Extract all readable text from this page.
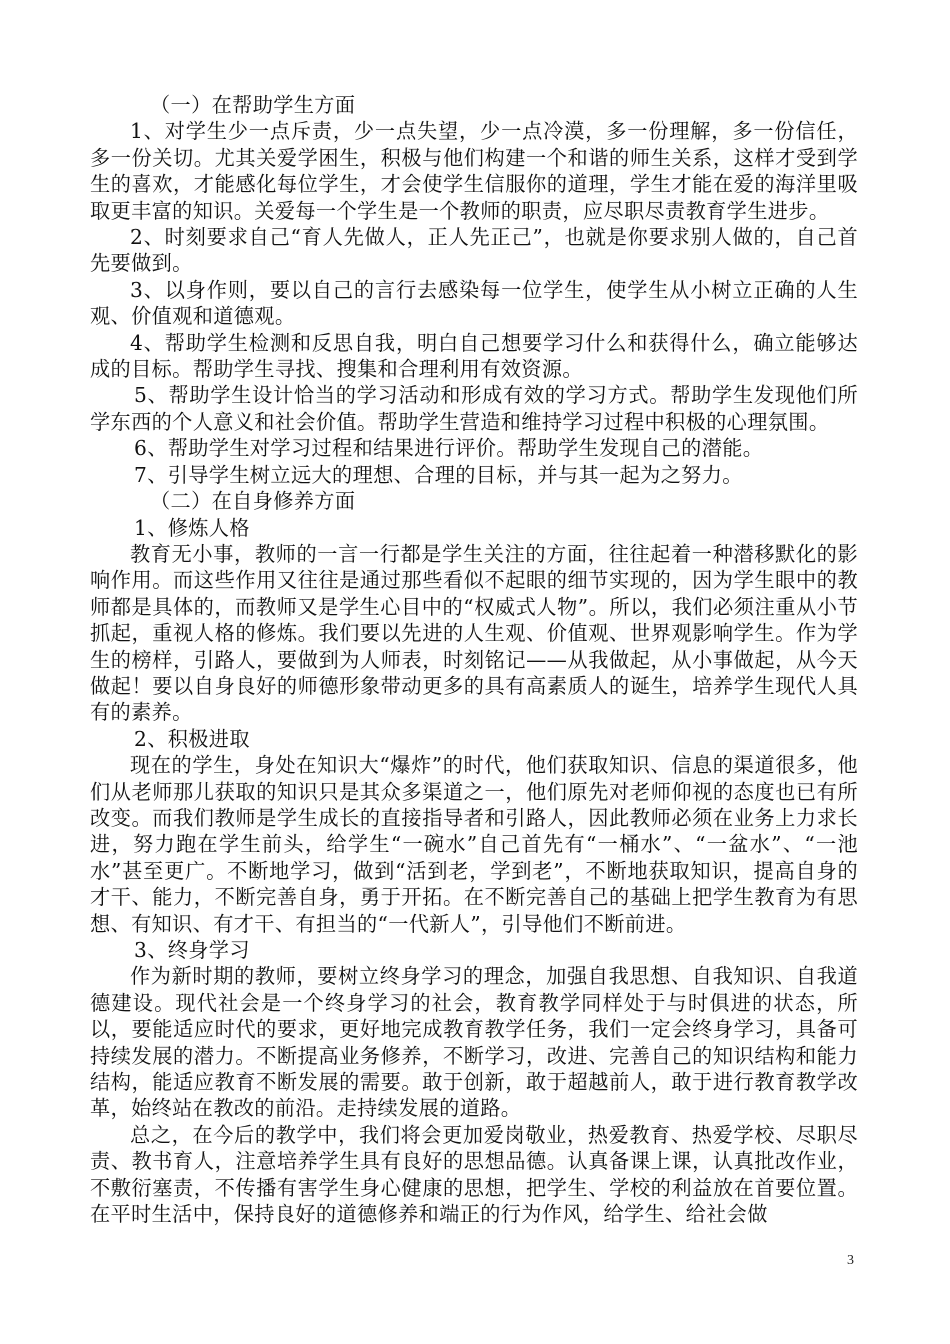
（一）在帮助学生方面

1、对学生少一点斥责，少一点失望，少一点冷漠，多一份理解，多一份信任，多一份关切。尤其关爱学困生，积极与他们构建一个和谐的师生关系，这样才受到学生的喜欢，才能感化每位学生，才会使学生信服你的道理，学生才能在爱的海洋里吸取更丰富的知识。关爱每一个学生是一个教师的职责，应尽职尽责教育学生进步。

2、时刻要求自己“育人先做人，正人先正己”，也就是你要求别人做的，自己首先要做到。

3、以身作则，要以自己的言行去感染每一位学生，使学生从小树立正确的人生观、价值观和道德观。

4、帮助学生检测和反思自我，明白自己想要学习什么和获得什么，确立能够达成的目标。帮助学生寻找、搜集和合理利用有效资源。

5、帮助学生设计恰当的学习活动和形成有效的学习方式。帮助学生发现他们所学东西的个人意义和社会价值。帮助学生营造和维持学习过程中积极的心理氛围。

6、帮助学生对学习过程和结果进行评价。帮助学生发现自己的潜能。

7、引导学生树立远大的理想、合理的目标，并与其一起为之努力。

（二）在自身修养方面

1、修炼人格

教育无小事，教师的一言一行都是学生关注的方面，往往起着一种潜移默化的影响作用。而这些作用又往往是通过那些看似不起眼的细节实现的，因为学生眼中的教师都是具体的，而教师又是学生心目中的“权威式人物”。所以，我们必须注重从小节抓起，重视人格的修炼。我们要以先进的人生观、价值观、世界观影响学生。作为学生的榜样，引路人，要做到为人师表，时刻铭记——从我做起，从小事做起，从今天做起！要以自身良好的师德形象带动更多的具有高素质人的诞生，培养学生现代人具有的素养。

2、积极进取

现在的学生，身处在知识大“爆炸”的时代，他们获取知识、信息的渠道很多，他们从老师那儿获取的知识只是其众多渠道之一，他们原先对老师仰视的态度也已有所改变。而我们教师是学生成长的直接指导者和引路人，因此教师必须在业务上力求长进，努力跑在学生前头，给学生“一碗水”自己首先有“一桶水”、“一盆水”、“一池水”甚至更广。不断地学习，做到“活到老，学到老”，不断地获取知识，提高自身的才干、能力，不断完善自身，勇于开拓。在不断完善自己的基础上把学生教育为有思想、有知识、有才干、有担当的“一代新人”，引导他们不断前进。

3、终身学习

作为新时期的教师，要树立终身学习的理念，加强自我思想、自我知识、自我道德建设。现代社会是一个终身学习的社会，教育教学同样处于与时俱进的状态，所以，要能适应时代的要求，更好地完成教育教学任务，我们一定会终身学习，具备可持续发展的潜力。不断提高业务修养，不断学习，改进、完善自己的知识结构和能力结构，能适应教育不断发展的需要。敢于创新，敢于超越前人，敢于进行教育教学改革，始终站在教改的前沿。走持续发展的道路。

总之，在今后的教学中，我们将会更加爱岗敬业，热爱教育、热爱学校、尽职尽责、教书育人，注意培养学生具有良好的思想品德。认真备课上课，认真批改作业，不敷衍塞责，不传播有害学生身心健康的思想，把学生、学校的利益放在首要位置。在平时生活中，保持良好的道德修养和端正的行为作风，给学生、给社会做

3
